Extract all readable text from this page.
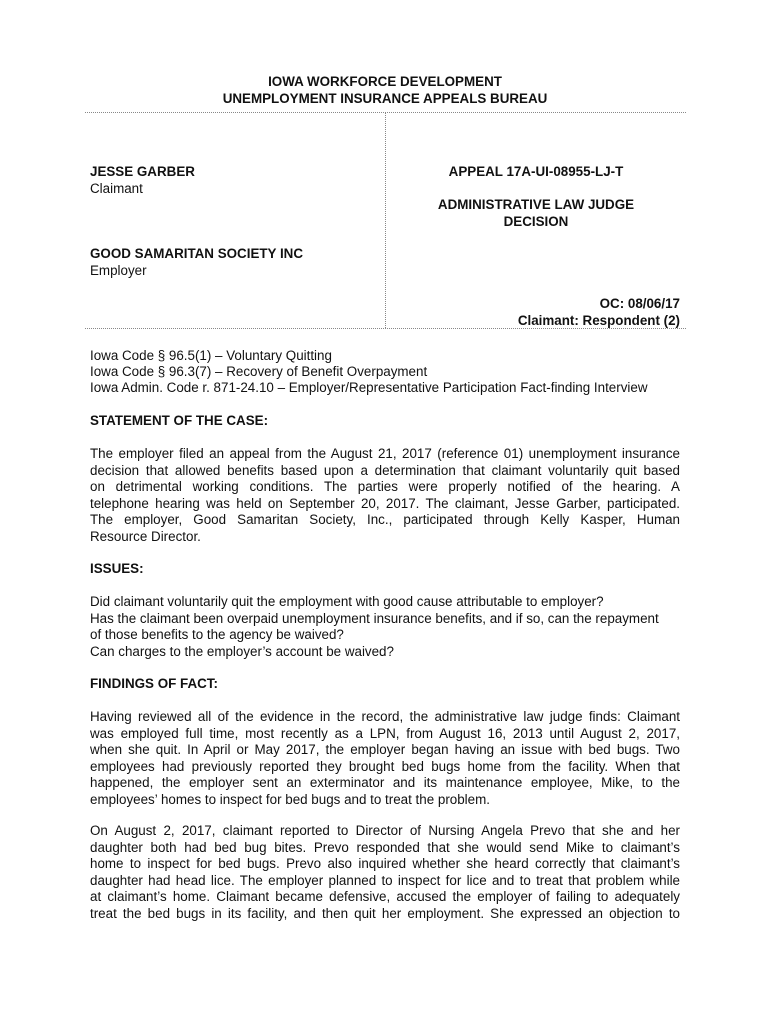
IOWA WORKFORCE DEVELOPMENT
UNEMPLOYMENT INSURANCE APPEALS BUREAU
JESSE GARBER
Claimant
GOOD SAMARITAN SOCIETY INC
Employer
APPEAL 17A-UI-08955-LJ-T
ADMINISTRATIVE LAW JUDGE
DECISION
OC: 08/06/17
Claimant: Respondent (2)
Iowa Code § 96.5(1) – Voluntary Quitting
Iowa Code § 96.3(7) – Recovery of Benefit Overpayment
Iowa Admin. Code r. 871-24.10 – Employer/Representative Participation Fact-finding Interview
STATEMENT OF THE CASE:
The employer filed an appeal from the August 21, 2017 (reference 01) unemployment insurance
decision that allowed benefits based upon a determination that claimant voluntarily quit based
on detrimental working conditions. The parties were properly notified of the hearing. A
telephone hearing was held on September 20, 2017. The claimant, Jesse Garber, participated.
The employer, Good Samaritan Society, Inc., participated through Kelly Kasper, Human
Resource Director.
ISSUES:
Did claimant voluntarily quit the employment with good cause attributable to employer?
Has the claimant been overpaid unemployment insurance benefits, and if so, can the repayment
of those benefits to the agency be waived?
Can charges to the employer’s account be waived?
FINDINGS OF FACT:
Having reviewed all of the evidence in the record, the administrative law judge finds: Claimant
was employed full time, most recently as a LPN, from August 16, 2013 until August 2, 2017,
when she quit. In April or May 2017, the employer began having an issue with bed bugs. Two
employees had previously reported they brought bed bugs home from the facility. When that
happened, the employer sent an exterminator and its maintenance employee, Mike, to the
employees’ homes to inspect for bed bugs and to treat the problem.
On August 2, 2017, claimant reported to Director of Nursing Angela Prevo that she and her
daughter both had bed bug bites. Prevo responded that she would send Mike to claimant’s
home to inspect for bed bugs. Prevo also inquired whether she heard correctly that claimant’s
daughter had head lice. The employer planned to inspect for lice and to treat that problem while
at claimant’s home. Claimant became defensive, accused the employer of failing to adequately
treat the bed bugs in its facility, and then quit her employment. She expressed an objection to
